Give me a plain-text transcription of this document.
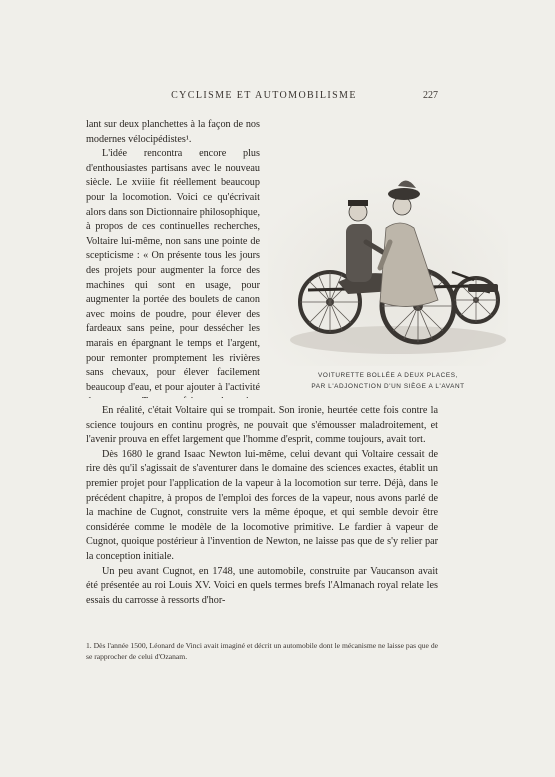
CYCLISME ET AUTOMOBILISME	227

lant sur deux planchettes à la façon de nos modernes vélocipédistes¹.

L'idée rencontra encore plus d'enthousiastes partisans avec le nouveau siècle. Le xviiie fit réellement beaucoup pour la locomotion. Voici ce qu'écrivait alors dans son Dictionnaire philosophique, à propos de ces continuelles recherches, Voltaire lui-même, non sans une pointe de scepticisme : « On présente tous les jours des projets pour augmenter la force des machines qui sont en usage, pour augmenter la portée des boulets de canon avec moins de poudre, pour élever des fardeaux sans peine, pour dessécher les marais en épargnant le temps et l'argent, pour remonter promptement les rivières sans chevaux, pour élever facilement beaucoup d'eau, et pour ajouter à l'activité

VOITURETTE BOLLÉE A DEUX PLACES,
PAR L'ADJONCTION D'UN SIÈGE A L'AVANT

En réalité, c'était Voltaire qui se trompait. Son ironie, heurtée cette fois contre la science toujours en continu progrès, ne pouvait que s'émousser maladroitement, et l'avenir prouva en effet largement que l'homme d'esprit, comme toujours, avait tort.

Dès 1680 le grand Isaac Newton lui-même, celui devant qui Voltaire cessait de rire dès qu'il s'agissait de s'aventurer dans le domaine des sciences exactes, établit un premier projet pour l'application de la vapeur à la locomotion sur terre. Déjà, dans le précédent chapitre, à propos de l'emploi des forces de la vapeur, nous avons parlé de la machine de Cugnot, construite vers la même époque, et qui semble devoir être considérée comme le modèle de la locomotive primitive. Le fardier à vapeur de Cugnot, quoique postérieur à l'invention de Newton, ne laisse pas que de s'y relier par la conception initiale.

Un peu avant Cugnot, en 1748, une automobile, construite par Vaucanson avait été présentée au roi Louis XV. Voici en quels termes brefs l'Almanach royal relate les essais du carrosse à ressorts d'hor-

1. Dès l'année 1500, Léonard de Vinci avait imaginé et décrit un automobile dont le mécanisme ne laisse pas que de se rapprocher de celui d'Ozanam.
